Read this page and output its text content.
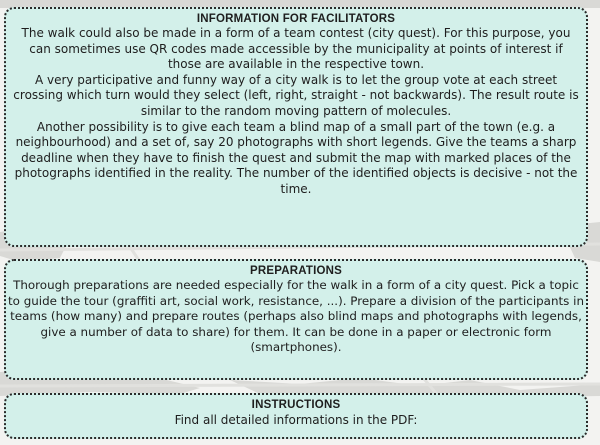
INFORMATION FOR FACILITATORS

The walk could also be made in a form of a team contest (city quest). For this purpose, you can sometimes use QR codes made accessible by the municipality at points of interest if those are available in the respective town.
A very participative and funny way of a city walk is to let the group vote at each street crossing which turn would they select (left, right, straight - not backwards). The result route is similar to the random moving pattern of molecules.
Another possibility is to give each team a blind map of a small part of the town (e.g. a neighbourhood) and a set of, say 20 photographs with short legends. Give the teams a sharp deadline when they have to finish the quest and submit the map with marked places of the photographs identified in the reality. The number of the identified objects is decisive - not the time.

PREPARATIONS

Thorough preparations are needed especially for the walk in a form of a city quest. Pick a topic to guide the tour (graffiti art, social work, resistance, ...). Prepare a division of the participants in teams (how many) and prepare routes (perhaps also blind maps and photographs with legends, give a number of data to share) for them. It can be done in a paper or electronic form (smartphones).

INSTRUCTIONS

Find all detailed informations in the PDF:
